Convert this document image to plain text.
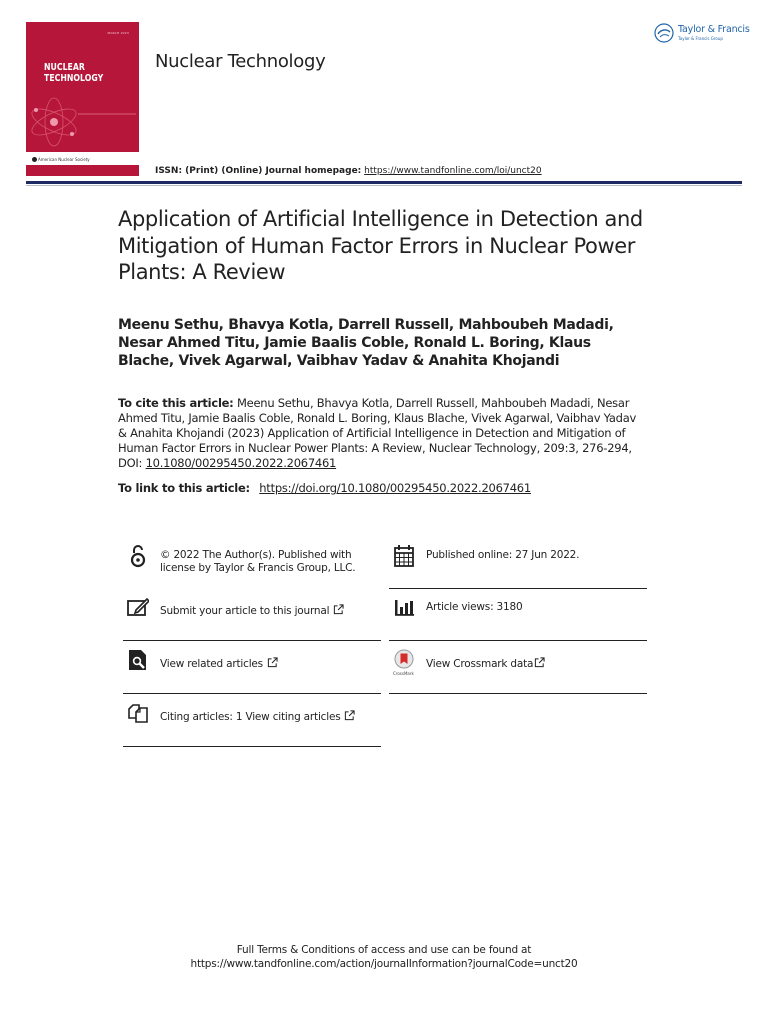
MARCH 2023
NUCLEAR
TECHNOLOGY
American Nuclear Society
Nuclear Technology
ISSN: (Print) (Online) Journal homepage: https://www.tandfonline.com/loi/unct20
Taylor & Francis
Taylor & Francis Group
Application of Artificial Intelligence in Detection and Mitigation of Human Factor Errors in Nuclear Power Plants: A Review
Meenu Sethu, Bhavya Kotla, Darrell Russell, Mahboubeh Madadi, Nesar Ahmed Titu, Jamie Baalis Coble, Ronald L. Boring, Klaus Blache, Vivek Agarwal, Vaibhav Yadav & Anahita Khojandi
To cite this article: Meenu Sethu, Bhavya Kotla, Darrell Russell, Mahboubeh Madadi, Nesar Ahmed Titu, Jamie Baalis Coble, Ronald L. Boring, Klaus Blache, Vivek Agarwal, Vaibhav Yadav & Anahita Khojandi (2023) Application of Artificial Intelligence in Detection and Mitigation of Human Factor Errors in Nuclear Power Plants: A Review, Nuclear Technology, 209:3, 276-294, DOI: 10.1080/00295450.2022.2067461
To link to this article: https://doi.org/10.1080/00295450.2022.2067461
© 2022 The Author(s). Published with license by Taylor & Francis Group, LLC.
Published online: 27 Jun 2022.
Submit your article to this journal	Article views: 3180
View related articles
CrossMark
View Crossmark data
Citing articles: 1 View citing articles
Full Terms & Conditions of access and use can be found at
https://www.tandfonline.com/action/journalInformation?journalCode=unct20
